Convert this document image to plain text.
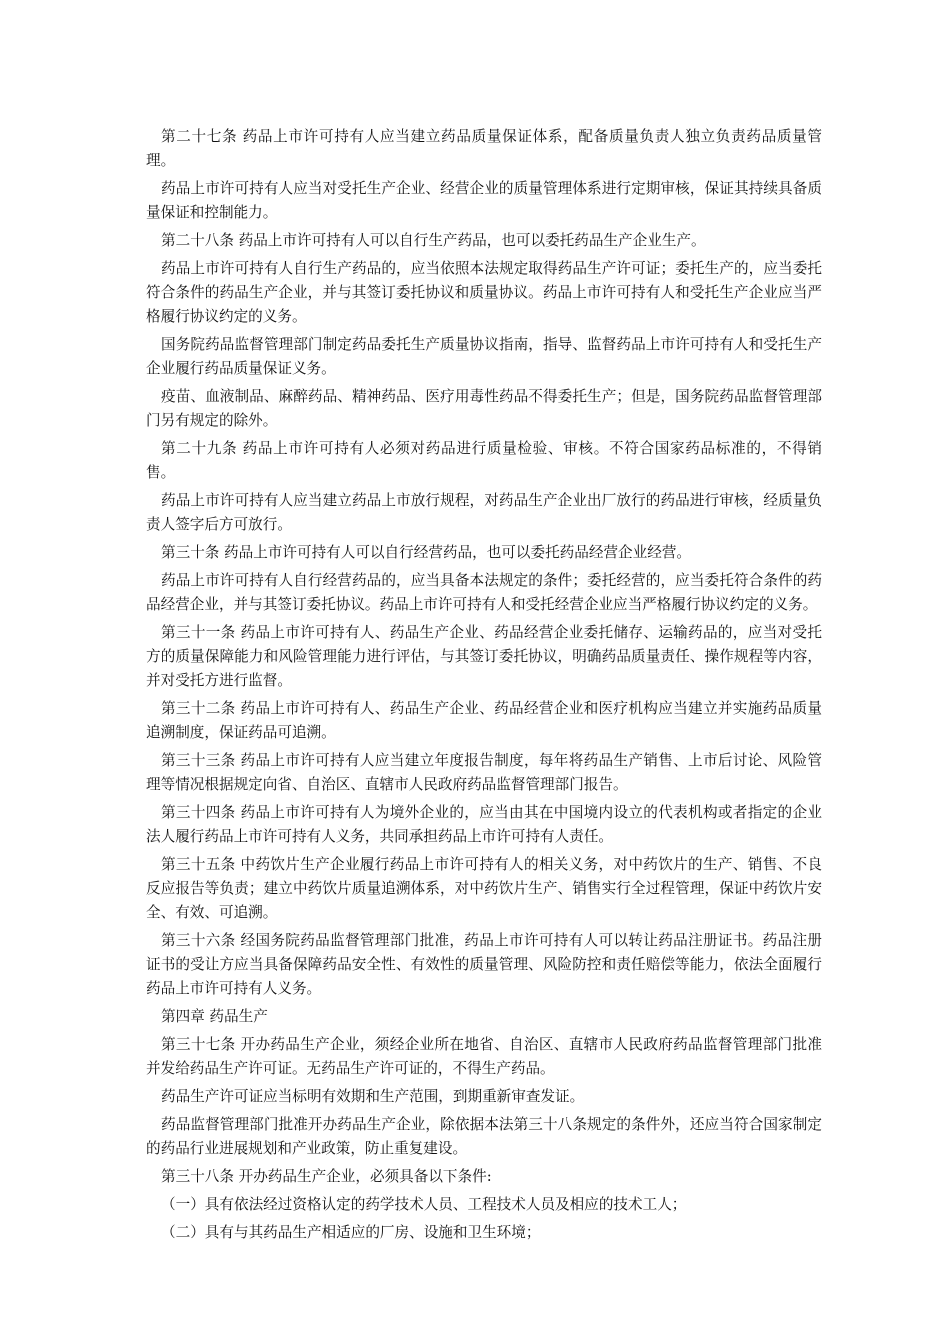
第二十七条 药品上市许可持有人应当建立药品质量保证体系，配备质量负责人独立负责药品质量管理。

药品上市许可持有人应当对受托生产企业、经营企业的质量管理体系进行定期审核，保证其持续具备质量保证和控制能力。

第二十八条 药品上市许可持有人可以自行生产药品，也可以委托药品生产企业生产。

药品上市许可持有人自行生产药品的，应当依照本法规定取得药品生产许可证；委托生产的，应当委托符合条件的药品生产企业，并与其签订委托协议和质量协议。药品上市许可持有人和受托生产企业应当严格履行协议约定的义务。

国务院药品监督管理部门制定药品委托生产质量协议指南，指导、监督药品上市许可持有人和受托生产企业履行药品质量保证义务。

疫苗、血液制品、麻醉药品、精神药品、医疗用毒性药品不得委托生产；但是，国务院药品监督管理部门另有规定的除外。

第二十九条 药品上市许可持有人必须对药品进行质量检验、审核。不符合国家药品标准的，不得销售。

药品上市许可持有人应当建立药品上市放行规程，对药品生产企业出厂放行的药品进行审核，经质量负责人签字后方可放行。

第三十条 药品上市许可持有人可以自行经营药品，也可以委托药品经营企业经营。

药品上市许可持有人自行经营药品的，应当具备本法规定的条件；委托经营的，应当委托符合条件的药品经营企业，并与其签订委托协议。药品上市许可持有人和受托经营企业应当严格履行协议约定的义务。

第三十一条 药品上市许可持有人、药品生产企业、药品经营企业委托储存、运输药品的，应当对受托方的质量保障能力和风险管理能力进行评估，与其签订委托协议，明确药品质量责任、操作规程等内容，并对受托方进行监督。

第三十二条 药品上市许可持有人、药品生产企业、药品经营企业和医疗机构应当建立并实施药品质量追溯制度，保证药品可追溯。

第三十三条 药品上市许可持有人应当建立年度报告制度，每年将药品生产销售、上市后讨论、风险管理等情况根据规定向省、自治区、直辖市人民政府药品监督管理部门报告。

第三十四条 药品上市许可持有人为境外企业的，应当由其在中国境内设立的代表机构或者指定的企业法人履行药品上市许可持有人义务，共同承担药品上市许可持有人责任。

第三十五条 中药饮片生产企业履行药品上市许可持有人的相关义务，对中药饮片的生产、销售、不良反应报告等负责；建立中药饮片质量追溯体系，对中药饮片生产、销售实行全过程管理，保证中药饮片安全、有效、可追溯。

第三十六条 经国务院药品监督管理部门批准，药品上市许可持有人可以转让药品注册证书。药品注册证书的受让方应当具备保障药品安全性、有效性的质量管理、风险防控和责任赔偿等能力，依法全面履行药品上市许可持有人义务。

第四章 药品生产

第三十七条 开办药品生产企业，须经企业所在地省、自治区、直辖市人民政府药品监督管理部门批准并发给药品生产许可证。无药品生产许可证的，不得生产药品。

药品生产许可证应当标明有效期和生产范围，到期重新审查发证。

药品监督管理部门批准开办药品生产企业，除依据本法第三十八条规定的条件外，还应当符合国家制定的药品行业进展规划和产业政策，防止重复建设。

第三十八条 开办药品生产企业，必须具备以下条件:

（一）具有依法经过资格认定的药学技术人员、工程技术人员及相应的技术工人；

（二）具有与其药品生产相适应的厂房、设施和卫生环境；
